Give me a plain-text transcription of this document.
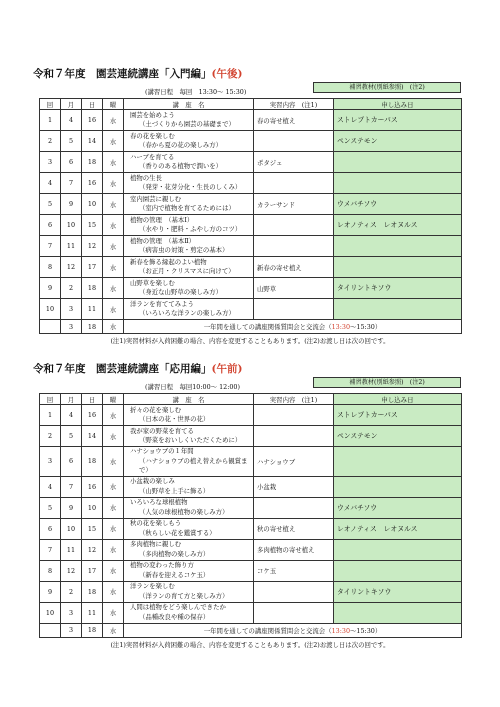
令和７年度　園芸連続講座「入門編」(午後)
(講習日程　毎回　13:30～ 15:30)
補習教材(別紙参照)　(注2)
回	月	日	曜	講　座　名	実習内容　(注1)	申し込み日
1	4	16	水	園芸を始めよう

（土づくりから園芸の基礎まで）	春の寄せ植え	ストレプトカーパス
2	5	14	水	春の花を楽しむ

（春から夏の花の楽しみ方）		ペンステモン
3	6	18	水	ハーブを育てる

（香りのある植物で潤いを）	ポタジェ	
4	7	16	水	植物の生長

（発芽・花芽分化・生長のしくみ）		

5	9	10	水	室内園芸に親しむ

（室内で植物を育てるためには）	カラーサンド	ウメバチソウ
6	10	15	水	植物の管理　（基本Ⅰ）

（水やり・肥料・ふやし方のコツ）		レオノティス　レオヌルス
7	11	12	水	植物の管理　（基本Ⅱ）

（病害虫の対策・剪定の基本）		

8	12	17	水	新春を飾る縁起のよい植物

（お正月・クリスマスに向けて）	新春の寄せ植え	
9	2	18	水	山野草を楽しむ

（身近な山野草の楽しみ方）	山野草	タイリントキソウ
10	3	11	水	洋ランを育ててみよう

（いろいろな洋ランの楽しみ方）		

	3	18	水	一年間を通しての講座関係質問会と交流会（13:30～15:30）		
(注1)実習材料が入荷困難の場合、内容を変更することもあります。(注2)お渡し日は次の回です。
令和７年度　園芸連続講座「応用編」(午前)
(講習日程　毎回10:00～ 12:00)
補習教材(別紙参照)　(注2)
回	月	日	曜	講　座　名	実習内容　(注1)	申し込み日
1	4	16	水	折々の花を楽しむ

（日本の花・世界の花）		ストレプトカーパス
2	5	14	水	我が家の野菜を育てる

（野菜をおいしくいただくために）		ペンステモン
3	6	18	水	ハナショウブの１年間

（ハナショウブの植え替えから観賞まで）	ハナショウブ	
4	7	16	水	小盆栽の楽しみ

（山野草を上手に飾る）	小盆栽	
5	9	10	水	いろいろな球根植物

（人気の球根植物の楽しみ方）		ウメバチソウ
6	10	15	水	秋の花を楽しもう

（秋らしい花を鑑賞する）	秋の寄せ植え	レオノティス　レオヌルス
7	11	12	水	多肉植物に親しむ

（多肉植物の楽しみ方）	多肉植物の寄せ植え	
8	12	17	水	植物の変わった飾り方

（新春を迎えるコケ玉）	コケ玉	
9	2	18	水	洋ランを楽しむ

（洋ランの育て方と楽しみ方）		タイリントキソウ
10	3	11	水	人間は植物をどう楽しんできたか

（品種改良や種の保存）		

	3	18	水	一年間を通しての講座関係質問会と交流会（13:30～15:30）		
(注1)実習材料が入荷困難の場合、内容を変更することもあります。(注2)お渡し日は次の回です。
